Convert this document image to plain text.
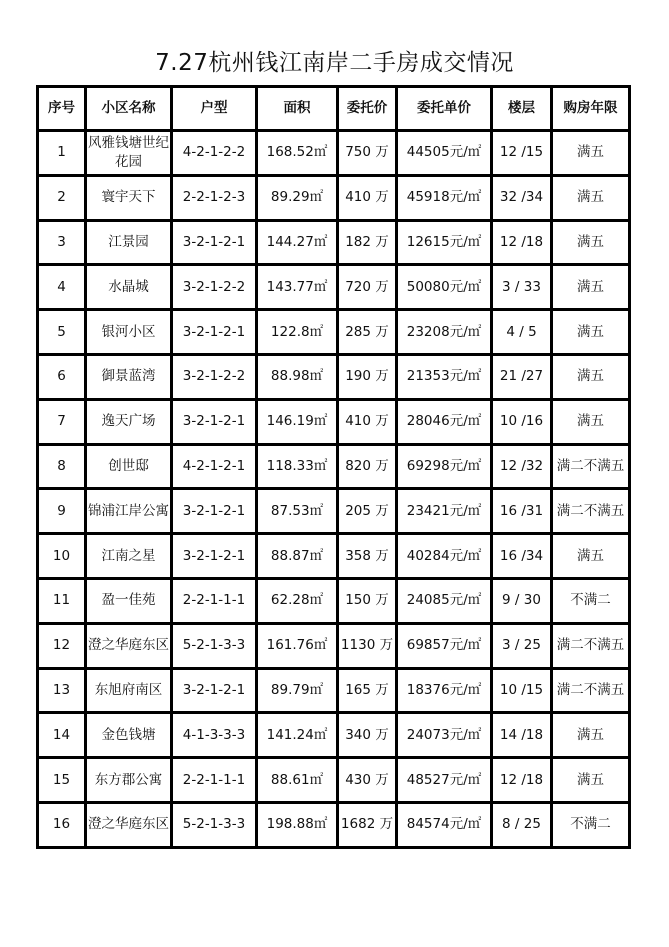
7.27杭州钱江南岸二手房成交情况
序号	小区名称	户型	面积	委托价	委托单价	楼层	购房年限
1	风雅钱塘世纪花园	4-2-1-2-2	168.52㎡	750 万	44505元/㎡	12 /15	满五
2	寰宇天下	2-2-1-2-3	89.29㎡	410 万	45918元/㎡	32 /34	满五
3	江景园	3-2-1-2-1	144.27㎡	182 万	12615元/㎡	12 /18	满五
4	水晶城	3-2-1-2-2	143.77㎡	720 万	50080元/㎡	3 / 33	满五
5	银河小区	3-2-1-2-1	122.8㎡	285 万	23208元/㎡	4 / 5	满五
6	御景蓝湾	3-2-1-2-2	88.98㎡	190 万	21353元/㎡	21 /27	满五
7	逸天广场	3-2-1-2-1	146.19㎡	410 万	28046元/㎡	10 /16	满五
8	创世邸	4-2-1-2-1	118.33㎡	820 万	69298元/㎡	12 /32	满二不满五
9	锦浦江岸公寓	3-2-1-2-1	87.53㎡	205 万	23421元/㎡	16 /31	满二不满五
10	江南之星	3-2-1-2-1	88.87㎡	358 万	40284元/㎡	16 /34	满五
11	盈一佳苑	2-2-1-1-1	62.28㎡	150 万	24085元/㎡	9 / 30	不满二
12	澄之华庭东区	5-2-1-3-3	161.76㎡	1130 万	69857元/㎡	3 / 25	满二不满五
13	东旭府南区	3-2-1-2-1	89.79㎡	165 万	18376元/㎡	10 /15	满二不满五
14	金色钱塘	4-1-3-3-3	141.24㎡	340 万	24073元/㎡	14 /18	满五
15	东方郡公寓	2-2-1-1-1	88.61㎡	430 万	48527元/㎡	12 /18	满五
16	澄之华庭东区	5-2-1-3-3	198.88㎡	1682 万	84574元/㎡	8 / 25	不满二
